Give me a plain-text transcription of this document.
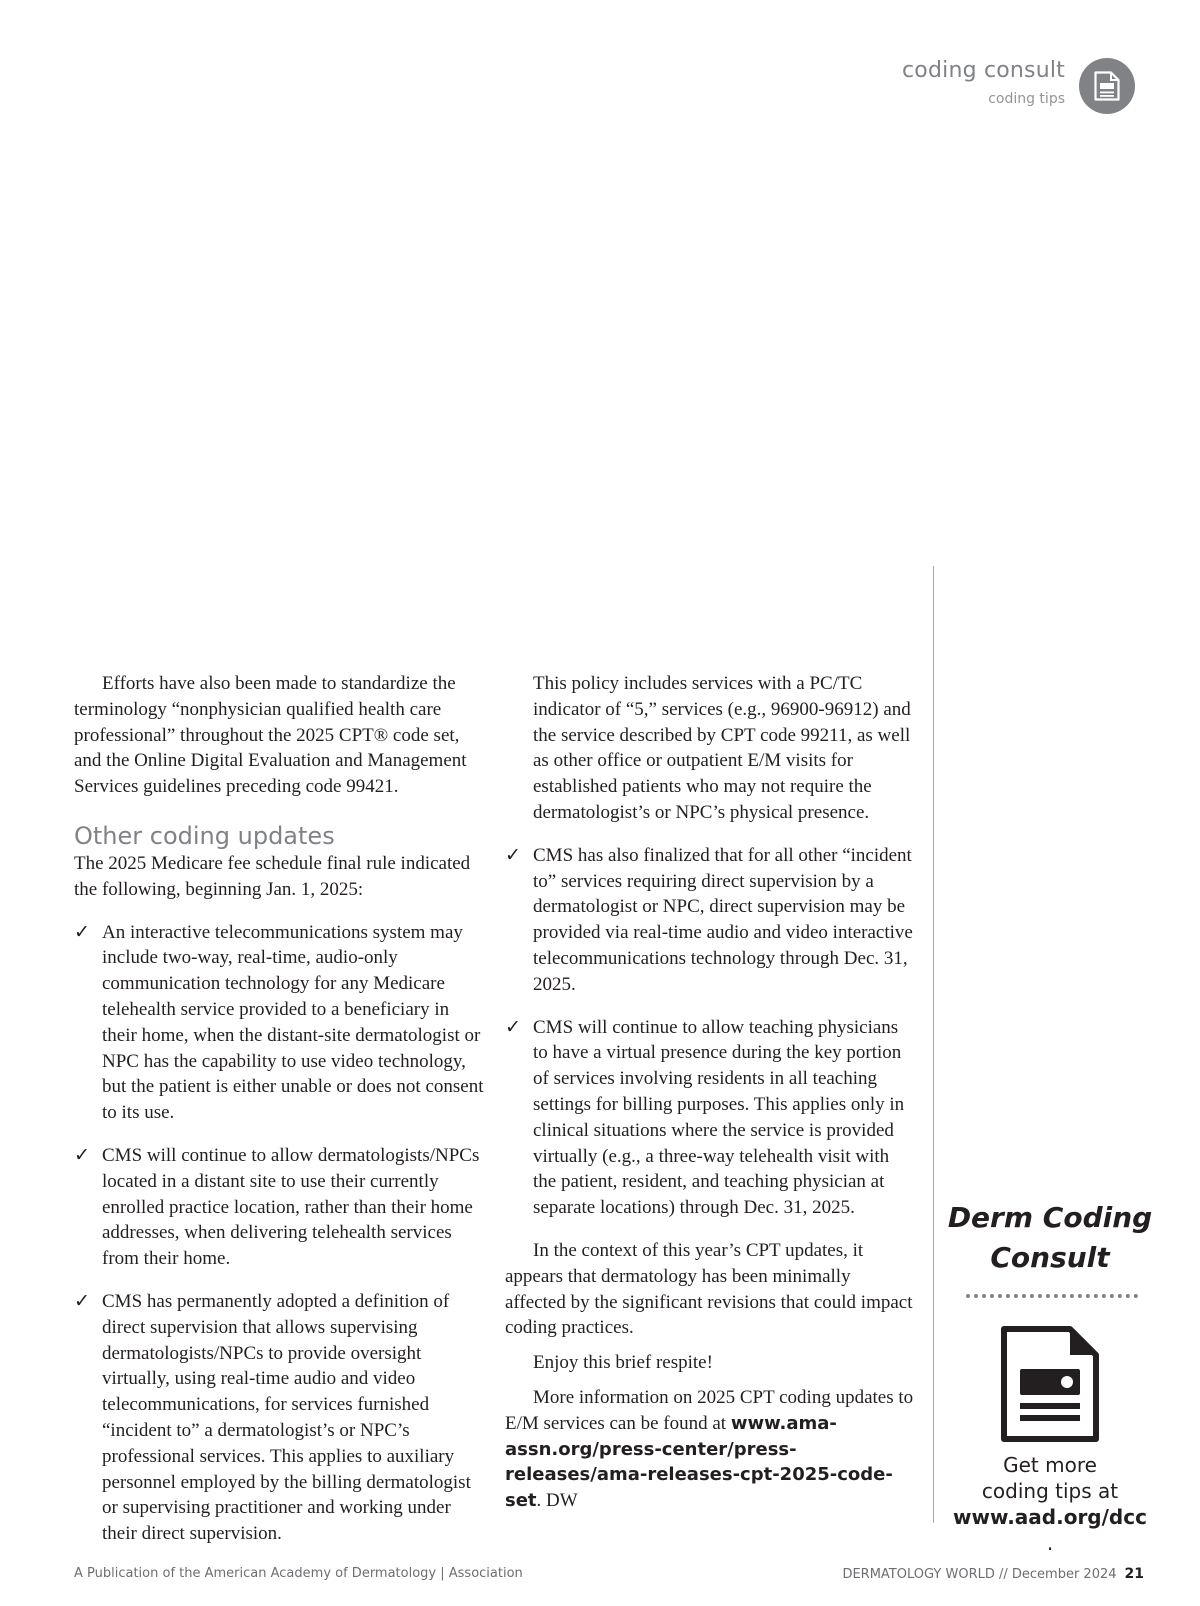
coding consult
coding tips

Efforts have also been made to standardize the terminology “nonphysician qualified health care professional” throughout the 2025 CPT® code set, and the Online Digital Evaluation and Management Services guidelines preceding code 99421.

Other coding updates

The 2025 Medicare fee schedule final rule indicated the following, beginning Jan. 1, 2025:

✓ An interactive telecommunications system may include two-way, real-time, audio-only communication technology for any Medicare telehealth service provided to a beneficiary in their home, when the distant-site dermatologist or NPC has the capability to use video technology, but the patient is either unable or does not consent to its use.
✓ CMS will continue to allow dermatologists/NPCs located in a distant site to use their currently enrolled practice location, rather than their home addresses, when delivering telehealth services from their home.
✓ CMS has permanently adopted a definition of direct supervision that allows supervising dermatologists/NPCs to provide oversight virtually, using real-time audio and video telecommunications, for services furnished “incident to” a dermatologist’s or NPC’s professional services. This applies to auxiliary personnel employed by the billing dermatologist or supervising practitioner and working under their direct supervision.

This policy includes services with a PC/TC indicator of “5,” services (e.g., 96900-96912) and the service described by CPT code 99211, as well as other office or outpatient E/M visits for established patients who may not require the dermatologist’s or NPC’s physical presence.

✓ CMS has also finalized that for all other “incident to” services requiring direct supervision by a dermatologist or NPC, direct supervision may be provided via real-time audio and video interactive telecommunications technology through Dec. 31, 2025.
✓ CMS will continue to allow teaching physicians to have a virtual presence during the key portion of services involving residents in all teaching settings for billing purposes. This applies only in clinical situations where the service is provided virtually (e.g., a three-way telehealth visit with the patient, resident, and teaching physician at separate locations) through Dec. 31, 2025.

In the context of this year’s CPT updates, it appears that dermatology has been minimally affected by the significant revisions that could impact coding practices.

Enjoy this brief respite!

More information on 2025 CPT coding updates to E/M services can be found at www.ama-assn.org/press-center/press-releases/ama-releases-cpt-2025-code-set. DW

Derm Coding
Consult
Get more
coding tips at
www.aad.org/dcc
.
A Publication of the American Academy of Dermatology | Association	DERMATOLOGY WORLD // December 2024 21
